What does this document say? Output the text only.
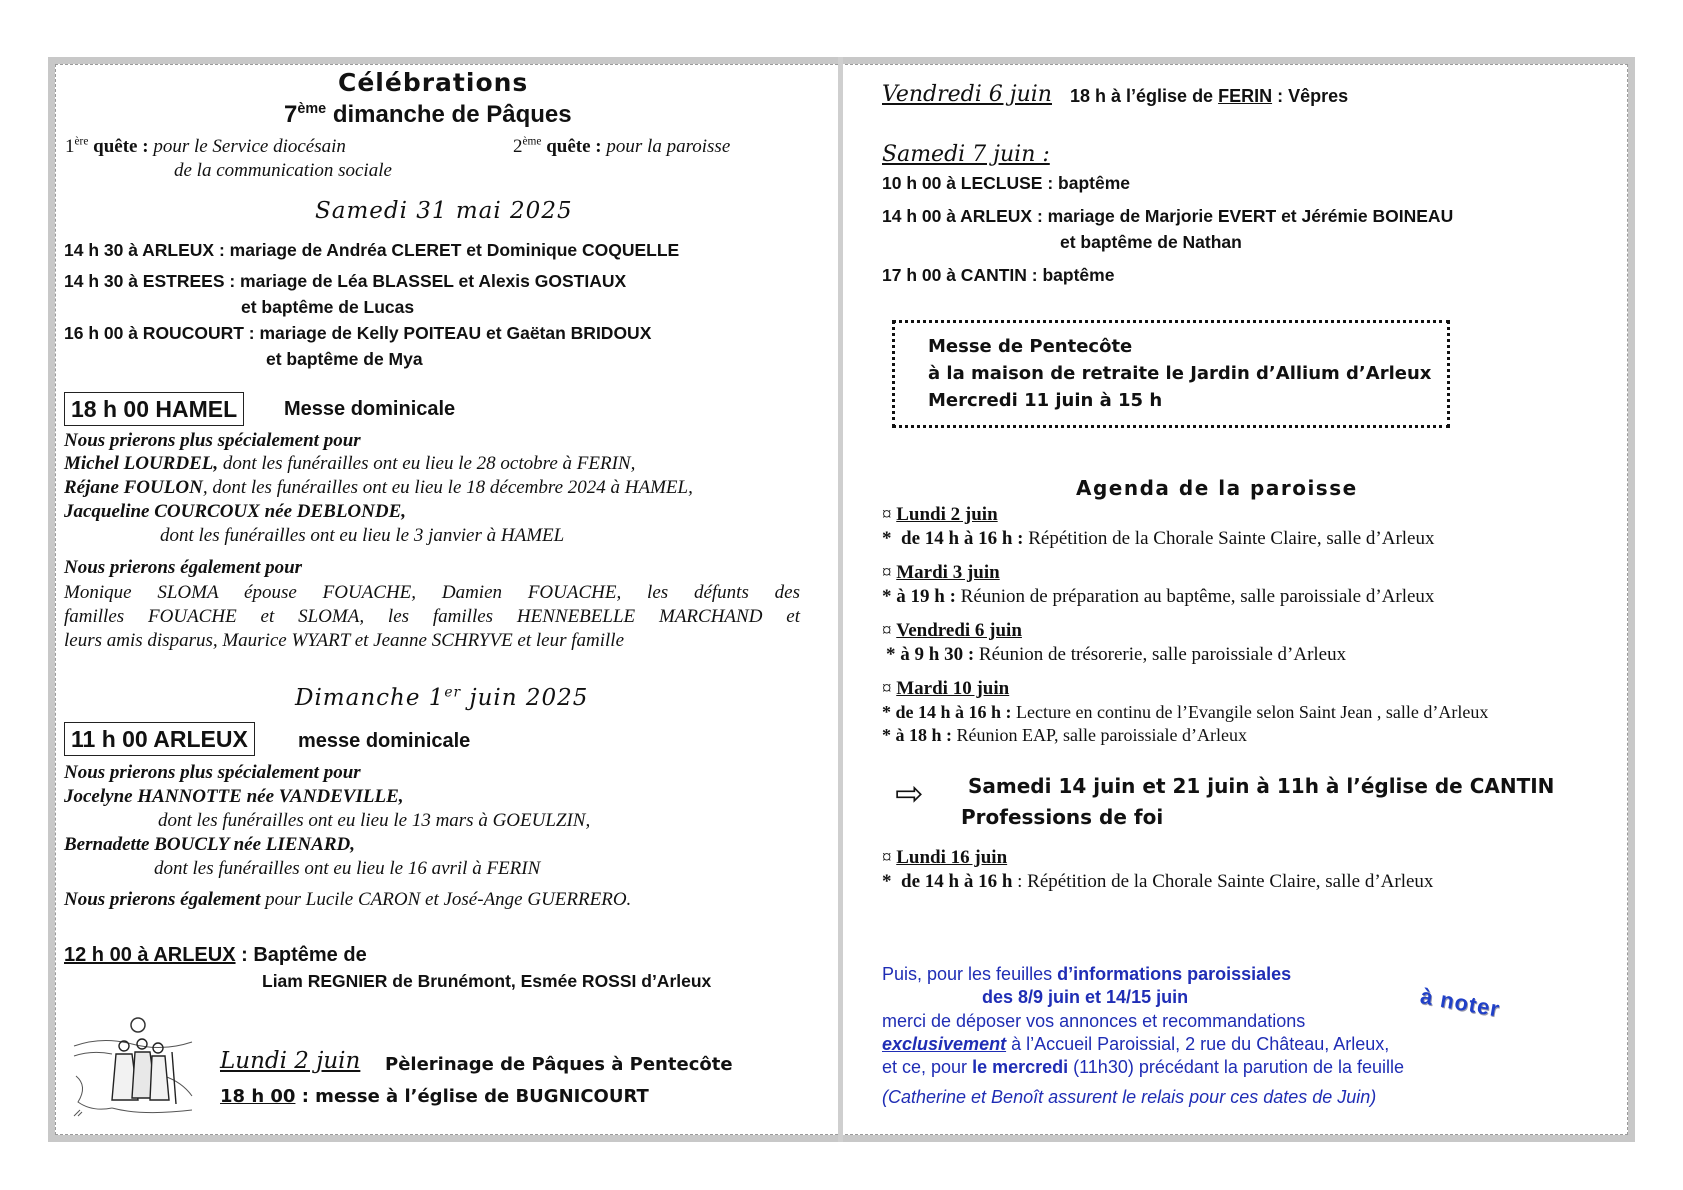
Célébrations
7ème dimanche de Pâques
1ère quête : pour le Service diocésain
de la communication sociale
2ème quête : pour la paroisse
Samedi 31 mai 2025
14 h 30 à ARLEUX : mariage de Andréa CLERET et Dominique COQUELLE
14 h 30 à ESTREES : mariage de Léa BLASSEL et Alexis GOSTIAUX
et baptême de Lucas
16 h 00 à ROUCOURT : mariage de Kelly POITEAU et Gaëtan BRIDOUX
et baptême de Mya
18 h 00 HAMEL	Messe dominicale
Nous prierons plus spécialement pour
Michel LOURDEL, dont les funérailles ont eu lieu le 28 octobre à FERIN,
Réjane FOULON, dont les funérailles ont eu lieu le 18 décembre 2024 à HAMEL,
Jacqueline COURCOUX née DEBLONDE,
dont les funérailles ont eu lieu le 3 janvier à HAMEL
Nous prierons également pour
Monique SLOMA épouse FOUACHE, Damien FOUACHE, les défunts des
familles FOUACHE et SLOMA, les familles HENNEBELLE MARCHAND et
leurs amis disparus, Maurice WYART et Jeanne SCHRYVE et leur famille
Dimanche 1er juin 2025
11 h 00 ARLEUX	messe dominicale
Nous prierons plus spécialement pour
Jocelyne HANNOTTE née VANDEVILLE,
dont les funérailles ont eu lieu le 13 mars à GOEULZIN,
Bernadette BOUCLY née LIENARD,
dont les funérailles ont eu lieu le 16 avril à FERIN
Nous prierons également pour Lucile CARON et José-Ange GUERRERO.
12 h 00 à ARLEUX : Baptême de
Liam REGNIER de Brunémont, Esmée ROSSI d’Arleux
Lundi 2 juin Pèlerinage de Pâques à Pentecôte
18 h 00 : messe à l’église de BUGNICOURT
Vendredi 6 juin 18 h à l’église de FERIN : Vêpres
Samedi 7 juin :
10 h 00 à LECLUSE : baptême
14 h 00 à ARLEUX : mariage de Marjorie EVERT et Jérémie BOINEAU
et baptême de Nathan
17 h 00 à CANTIN : baptême
Messe de Pentecôte
à la maison de retraite le Jardin d’Allium d’Arleux
Mercredi 11 juin à 15 h
Agenda de la paroisse
¤ Lundi 2 juin
* de 14 h à 16 h : Répétition de la Chorale Sainte Claire, salle d’Arleux
¤ Mardi 3 juin
* à 19 h : Réunion de préparation au baptême, salle paroissiale d’Arleux
¤ Vendredi 6 juin
* à 9 h 30 : Réunion de trésorerie, salle paroissiale d’Arleux
¤ Mardi 10 juin
* de 14 h à 16 h : Lecture en continu de l’Evangile selon Saint Jean , salle d’Arleux
* à 18 h : Réunion EAP, salle paroissiale d’Arleux
⇨ Samedi 14 juin et 21 juin à 11h à l’église de CANTIN
Professions de foi
¤ Lundi 16 juin
* de 14 h à 16 h : Répétition de la Chorale Sainte Claire, salle d’Arleux
Puis, pour les feuilles d’informations paroissiales
des 8/9 juin et 14/15 juin
merci de déposer vos annonces et recommandations
exclusivement à l’Accueil Paroissial, 2 rue du Château, Arleux,
et ce, pour le mercredi (11h30) précédant la parution de la feuille
(Catherine et Benoît assurent le relais pour ces dates de Juin)
à noter
